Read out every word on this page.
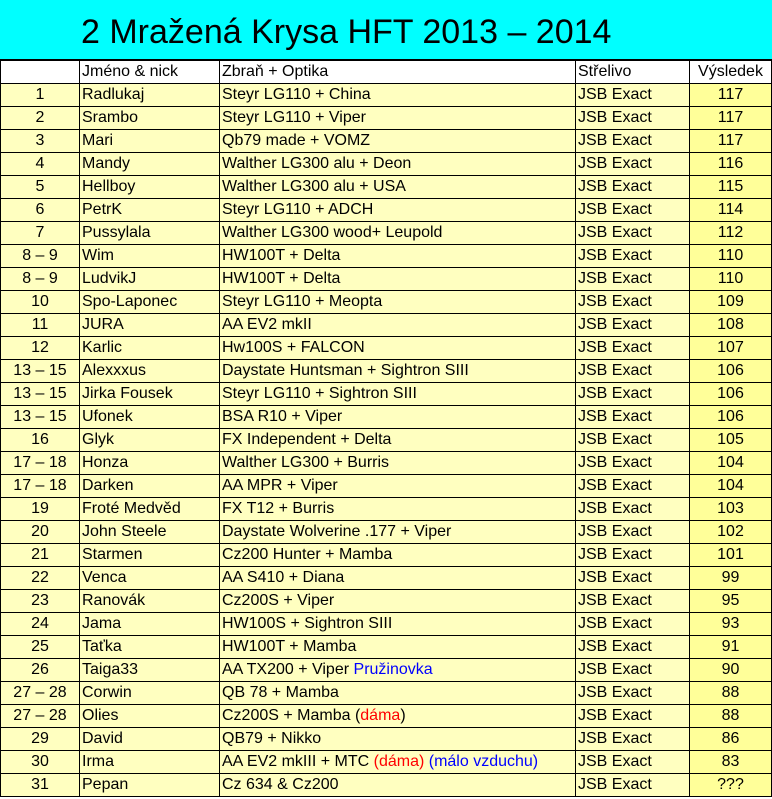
2 Mražená Krysa HFT 2013 – 2014
	Jméno & nick	Zbraň + Optika	Střelivo	Výsledek
1	Radlukaj	Steyr LG110 + China	JSB Exact	117
2	Srambo	Steyr LG110 + Viper	JSB Exact	117
3	Mari	Qb79 made + VOMZ	JSB Exact	117
4	Mandy	Walther LG300 alu + Deon	JSB Exact	116
5	Hellboy	Walther LG300 alu + USA	JSB Exact	115
6	PetrK	Steyr LG110 + ADCH	JSB Exact	114
7	Pussylala	Walther LG300 wood+ Leupold	JSB Exact	112
8 – 9	Wim	HW100T + Delta	JSB Exact	110
8 – 9	LudvikJ	HW100T + Delta	JSB Exact	110
10	Spo-Laponec	Steyr LG110 + Meopta	JSB Exact	109
11	JURA	AA EV2 mkII	JSB Exact	108
12	Karlic	Hw100S + FALCON	JSB Exact	107
13 – 15	Alexxxus	Daystate Huntsman + Sightron SIII	JSB Exact	106
13 – 15	Jirka Fousek	Steyr LG110 + Sightron SIII	JSB Exact	106
13 – 15	Ufonek	BSA R10 + Viper	JSB Exact	106
16	Glyk	FX Independent + Delta	JSB Exact	105
17 – 18	Honza	Walther LG300 + Burris	JSB Exact	104
17 – 18	Darken	AA MPR + Viper	JSB Exact	104
19	Froté Medvěd	FX T12 + Burris	JSB Exact	103
20	John Steele	Daystate Wolverine .177 + Viper	JSB Exact	102
21	Starmen	Cz200 Hunter + Mamba	JSB Exact	101
22	Venca	AA S410 + Diana	JSB Exact	99
23	Ranovák	Cz200S + Viper	JSB Exact	95
24	Jama	HW100S + Sightron SIII	JSB Exact	93
25	Taťka	HW100T + Mamba	JSB Exact	91
26	Taiga33	AA TX200 + Viper Pružinovka	JSB Exact	90
27 – 28	Corwin	QB 78 + Mamba	JSB Exact	88
27 – 28	Olies	Cz200S + Mamba (dáma)	JSB Exact	88
29	David	QB79 + Nikko	JSB Exact	86
30	Irma	AA EV2 mkIII + MTC (dáma) (málo vzduchu)	JSB Exact	83
31	Pepan	Cz 634 & Cz200	JSB Exact	???
